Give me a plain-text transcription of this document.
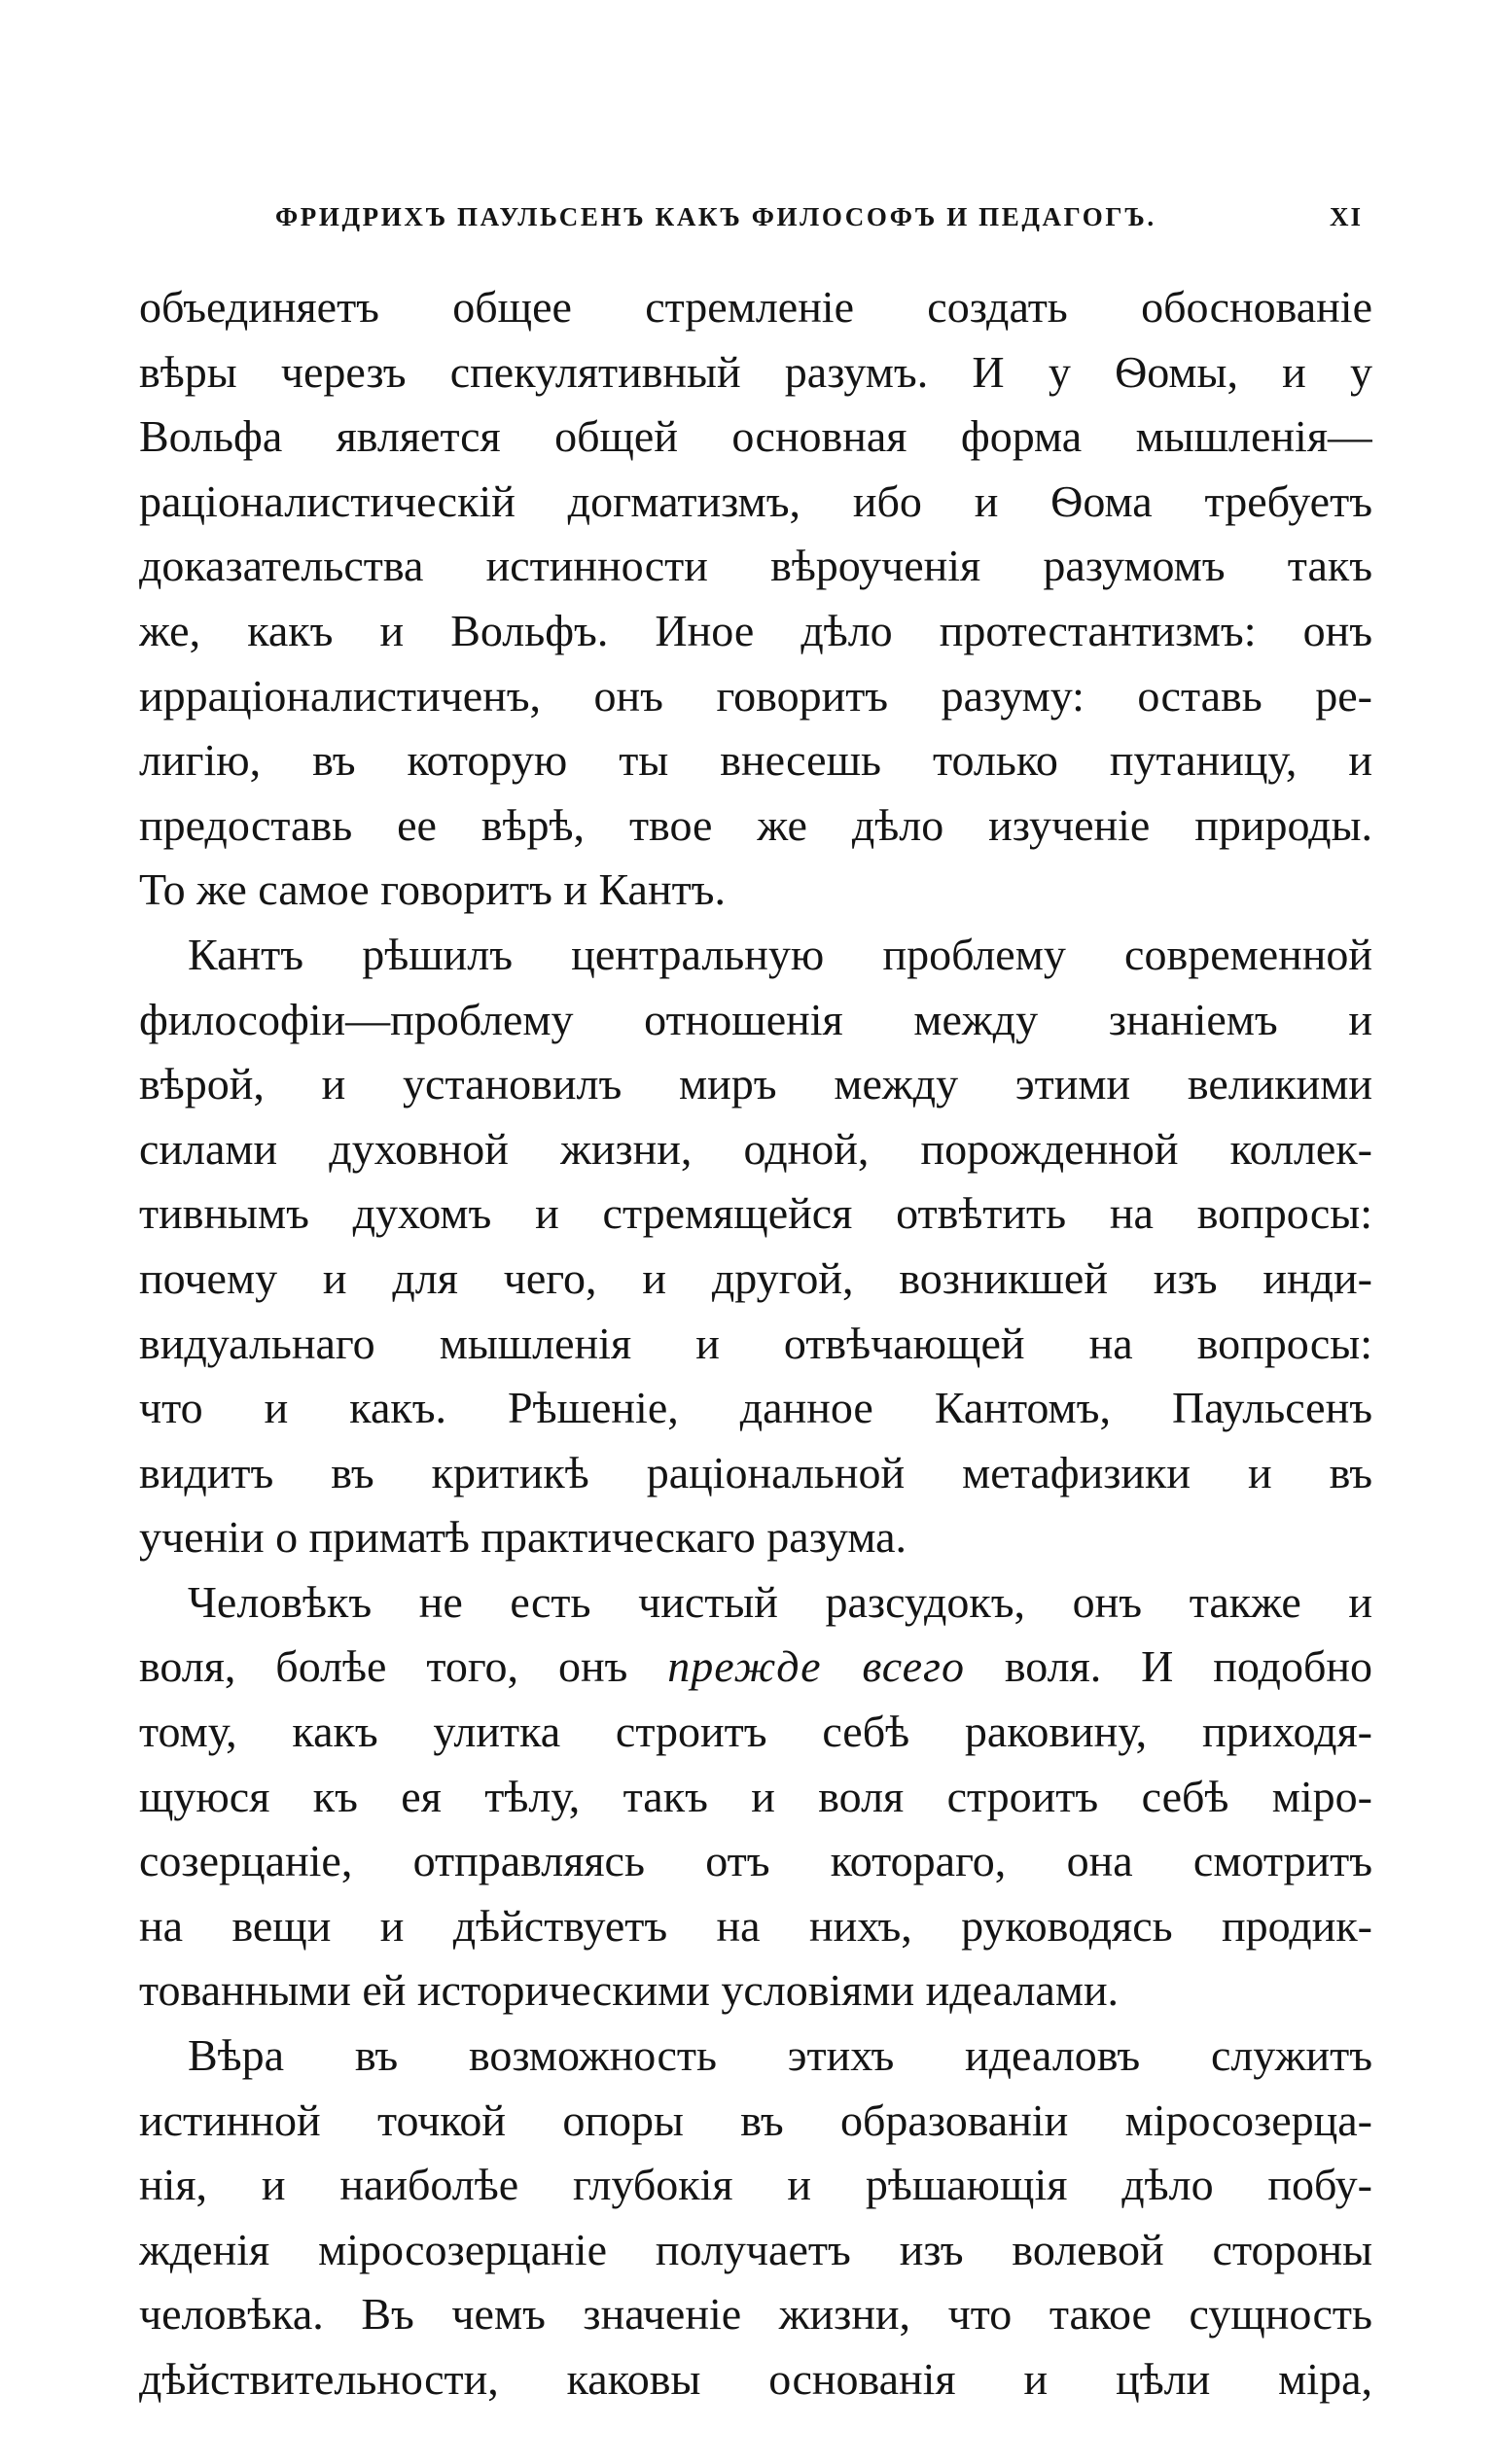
ФРИДРИХЪ ПАУЛЬСЕНЪ КАКЪ ФИЛОСОФЪ И ПЕДАГОГЪ.	XI
объединяетъ общее стремленіе создать обоснованіе
вѣры черезъ спекулятивный разумъ. И у Ѳомы, и у
Вольфа является общей основная форма мышленія—
раціоналистическій догматизмъ, ибо и Ѳома требуетъ
доказательства истинности вѣроученія разумомъ такъ
же, какъ и Вольфъ. Иное дѣло протестантизмъ: онъ
ирраціоналистиченъ, онъ говоритъ разуму: оставь ре-
лигію, въ которую ты внесешь только путаницу, и
предоставь ее вѣрѣ, твое же дѣло изученіе природы.
То же самое говоритъ и Кантъ.
Кантъ рѣшилъ центральную проблему современной
философіи—проблему отношенія между знаніемъ и
вѣрой, и установилъ миръ между этими великими
силами духовной жизни, одной, порожденной коллек-
тивнымъ духомъ и стремящейся отвѣтить на вопросы:
почему и для чего, и другой, возникшей изъ инди-
видуальнаго мышленія и отвѣчающей на вопросы:
что и какъ. Рѣшеніе, данное Кантомъ, Паульсенъ
видитъ въ критикѣ раціональной метафизики и въ
ученіи о приматѣ практическаго разума.
Человѣкъ не есть чистый разсудокъ, онъ также и
воля, болѣе того, онъ прежде всего воля. И подобно
тому, какъ улитка строитъ себѣ раковину, приходя-
щуюся къ ея тѣлу, такъ и воля строитъ себѣ міро-
созерцаніе, отправляясь отъ котораго, она смотритъ
на вещи и дѣйствуетъ на нихъ, руководясь продик-
тованными ей историческими условіями идеалами.
Вѣра въ возможность этихъ идеаловъ служитъ
истинной точкой опоры въ образованіи міросозерца-
нія, и наиболѣе глубокія и рѣшающія дѣло побу-
жденія міросозерцаніе получаетъ изъ волевой стороны
человѣка. Въ чемъ значеніе жизни, что такое сущность
дѣйствительности, каковы основанія и цѣли міра,
